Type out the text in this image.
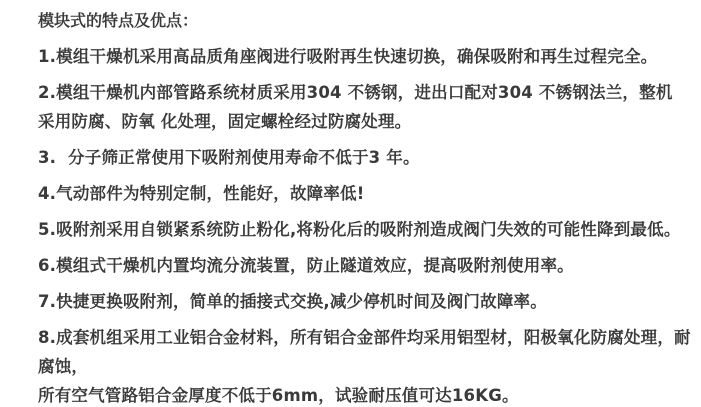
模块式的特点及优点：
1.模组干燥机采用高品质角座阀进行吸附再生快速切换，确保吸附和再生过程完全。
2.模组干燥机内部管路系统材质采用304 不锈钢，进出口配对304 不锈钢法兰，整机
采用防腐、防氧 化处理，固定螺栓经过防腐处理。
3.  分子筛正常使用下吸附剂使用寿命不低于3 年。
4.气动部件为特别定制，性能好，故障率低!
5.吸附剂采用自锁紧系统防止粉化,将粉化后的吸附剂造成阀门失效的可能性降到最低。
6.模组式干燥机内置均流分流装置，防止隧道效应，提高吸附剂使用率。
7.快捷更换吸附剂，简单的插接式交换,减少停机时间及阀门故障率。
8.成套机组采用工业铝合金材料，所有铝合金部件均采用铝型材，阳极氧化防腐处理，耐腐蚀，
所有空气管路铝合金厚度不低于6mm，试验耐压值可达16KG。
